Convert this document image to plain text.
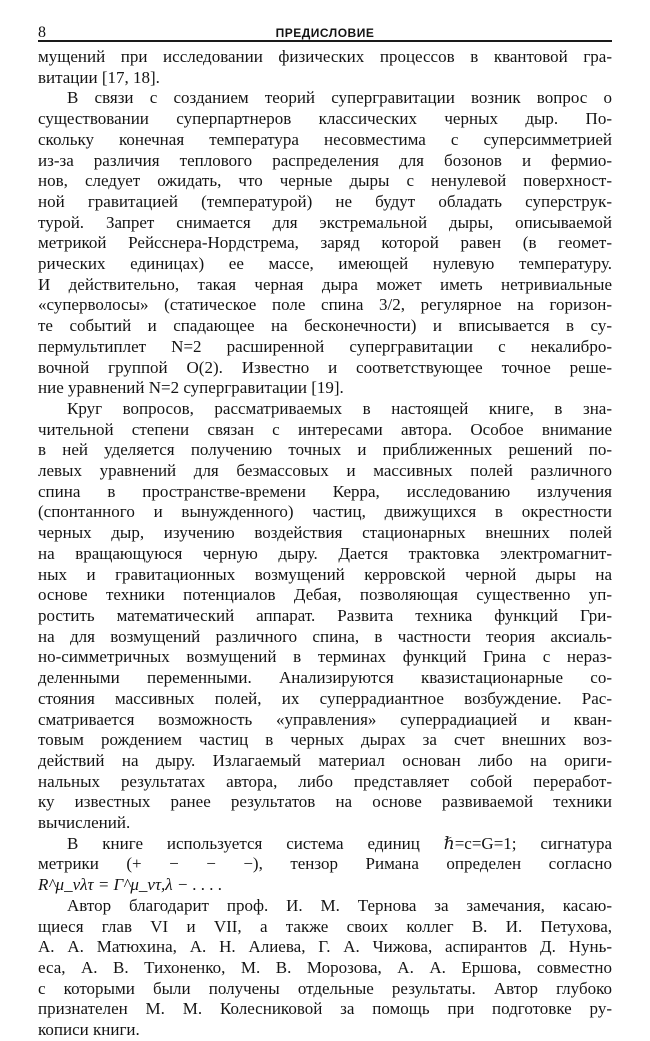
8	ПРЕДИСЛОВИЕ
мущений при исследовании физических процессов в квантовой гра-
витации [17, 18].
В связи с созданием теорий супергравитации возник вопрос о
существовании суперпартнеров классических черных дыр. По-
скольку конечная температура несовместима с суперсимметрией
из-за различия теплового распределения для бозонов и фермио-
нов, следует ожидать, что черные дыры с ненулевой поверхност-
ной гравитацией (температурой) не будут обладать суперструк-
турой. Запрет снимается для экстремальной дыры, описываемой
метрикой Рейсснера-Нордстрема, заряд которой равен (в геомет-
рических единицах) ее массе, имеющей нулевую температуру.
И действительно, такая черная дыра может иметь нетривиальные
«суперволосы» (статическое поле спина 3/2, регулярное на горизон-
те событий и спадающее на бесконечности) и вписывается в су-
пермультиплет N=2 расширенной супергравитации с некалибро-
вочной группой O(2). Известно и соответствующее точное реше-
ние уравнений N=2 супергравитации [19].
Круг вопросов, рассматриваемых в настоящей книге, в зна-
чительной степени связан с интересами автора. Особое внимание
в ней уделяется получению точных и приближенных решений по-
левых уравнений для безмассовых и массивных полей различного
спина в пространстве-времени Керра, исследованию излучения
(спонтанного и вынужденного) частиц, движущихся в окрестности
черных дыр, изучению воздействия стационарных внешних полей
на вращающуюся черную дыру. Дается трактовка электромагнит-
ных и гравитационных возмущений керровской черной дыры на
основе техники потенциалов Дебая, позволяющая существенно уп-
ростить математический аппарат. Развита техника функций Гри-
на для возмущений различного спина, в частности теория аксиаль-
но-симметричных возмущений в терминах функций Грина с нераз-
деленными переменными. Анализируются квазистационарные со-
стояния массивных полей, их суперрадиантное возбуждение. Рас-
сматривается возможность «управления» суперрадиацией и кван-
товым рождением частиц в черных дырах за счет внешних воз-
действий на дыру. Излагаемый материал основан либо на ориги-
нальных результатах автора, либо представляет собой переработ-
ку известных ранее результатов на основе развиваемой техники
вычислений.
В книге используется система единиц ℏ=c=G=1; сигнатура
метрики (+ − − −), тензор Римана определен согласно
R^μ_νλτ = Γ^μ_ντ,λ − . . . .
Автор благодарит проф. И. М. Тернова за замечания, касаю-
щиеся глав VI и VII, а также своих коллег В. И. Петухова,
А. А. Матюхина, А. Н. Алиева, Г. А. Чижова, аспирантов Д. Нунь-
еса, А. В. Тихоненко, М. В. Морозова, А. А. Ершова, совместно
с которыми были получены отдельные результаты. Автор глубоко
признателен М. М. Колесниковой за помощь при подготовке ру-
кописи книги.
